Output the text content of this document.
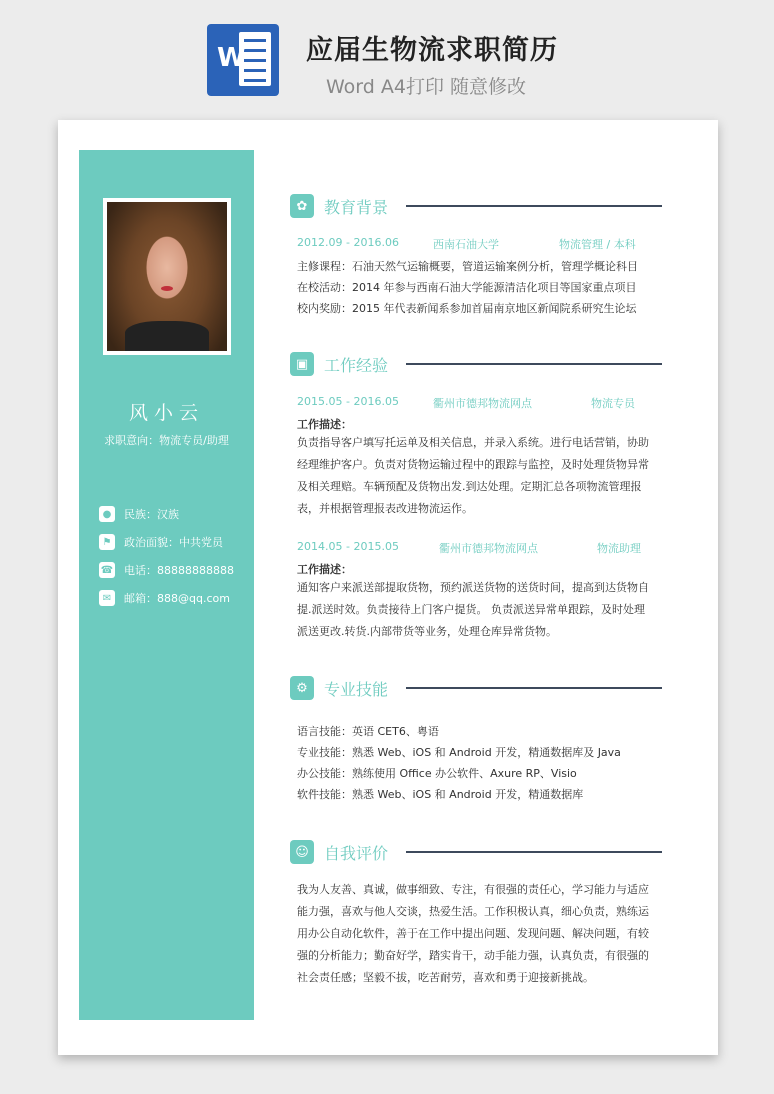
W 应届生物流求职简历
Word A4打印 随意修改
风小云
求职意向：物流专员/助理
●	民族：汉族
⚑	政治面貌：中共党员
☎ 电话：88888888888
✉	邮箱：888@qq.com
✿	教育背景
2012.09 - 2016.06	西南石油大学	物流管理 / 本科
主修课程：石油天然气运输概要，管道运输案例分析，管理学概论科目
在校活动：2014 年参与西南石油大学能源清洁化项目等国家重点项目
校内奖励：2015 年代表新闻系参加首届南京地区新闻院系研究生论坛
▣ 工作经验
2015.05 - 2016.05	衢州市德邦物流网点	物流专员
工作描述：
负责指导客户填写托运单及相关信息，并录入系统。进行电话营销，协助经理维护客户。负责对货物运输过程中的跟踪与监控，及时处理货物异常及相关理赔。车辆预配及货物出发.到达处理。定期汇总各项物流管理报表，并根据管理报表改进物流运作。
2014.05 - 2015.05	衢州市德邦物流网点	物流助理
工作描述：
通知客户来派送部提取货物，预约派送货物的送货时间，提高到达货物自提.派送时效。负责接待上门客户提货。 负责派送异常单跟踪，及时处理派送更改.转货.内部带货等业务，处理仓库异常货物。
⚙	专业技能
语言技能：英语 CET6、粤语
专业技能：熟悉 Web、iOS 和 Android 开发，精通数据库及 Java
办公技能：熟练使用 Office 办公软件、Axure RP、Visio
软件技能：熟悉 Web、iOS 和 Android 开发，精通数据库
☺ 自我评价
我为人友善、真诚，做事细致、专注，有很强的责任心，学习能力与适应能力强，喜欢与他人交谈，热爱生活。工作积极认真，细心负责，熟练运用办公自动化软件，善于在工作中提出问题、发现问题、解决问题，有较强的分析能力；勤奋好学，踏实肯干，动手能力强，认真负责，有很强的社会责任感；坚毅不拔，吃苦耐劳，喜欢和勇于迎接新挑战。
